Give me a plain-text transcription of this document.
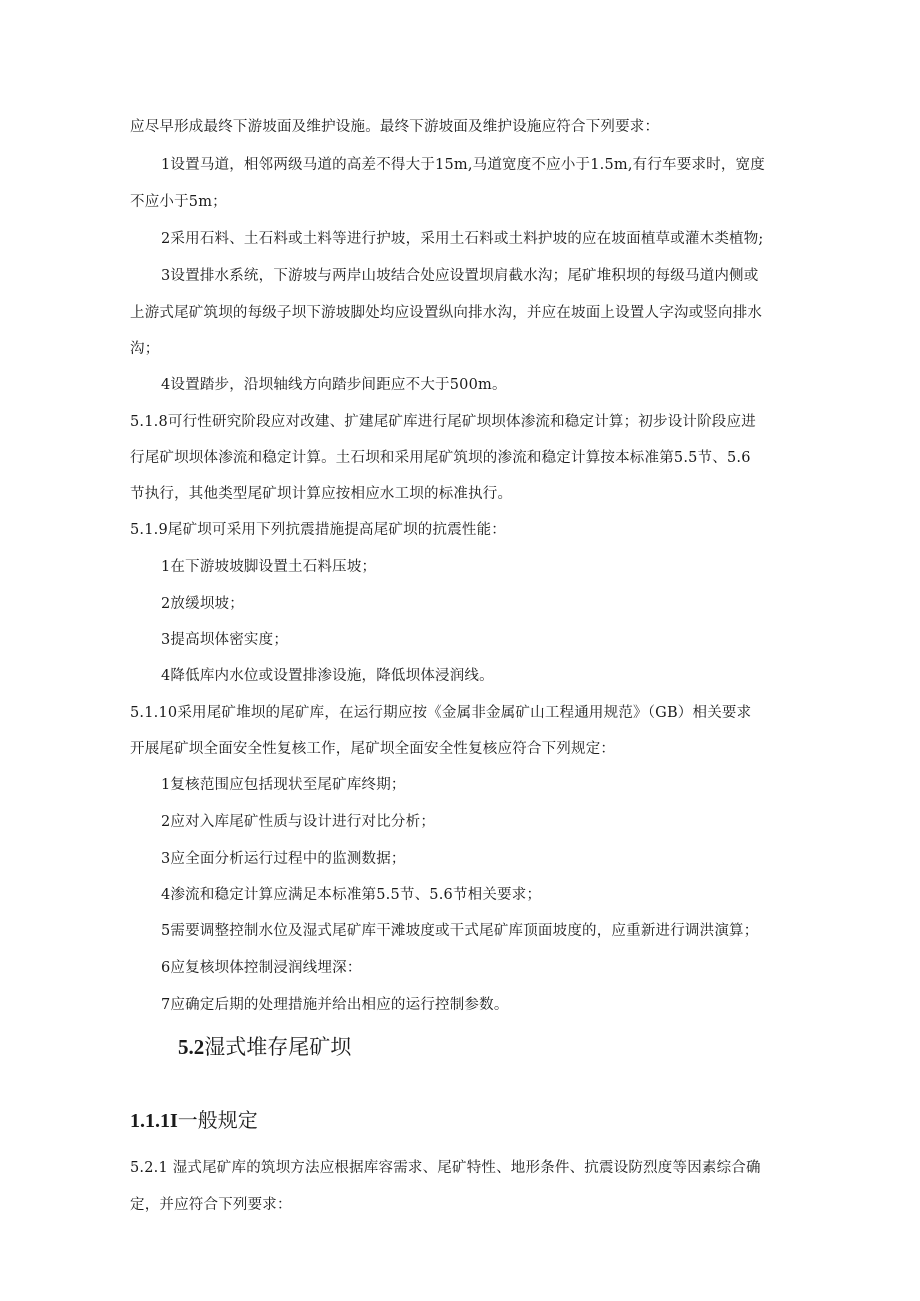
应尽早形成最终下游坡面及维护设施。最终下游坡面及维护设施应符合下列要求：
1设置马道，相邻两级马道的高差不得大于15m,马道宽度不应小于1.5m,有行车要求时，宽度
不应小于5m；
2采用石料、土石料或土料等进行护坡，采用土石料或土料护坡的应在坡面植草或灌木类植物;
3设置排水系统，下游坡与两岸山坡结合处应设置坝肩截水沟；尾矿堆积坝的每级马道内侧或
上游式尾矿筑坝的每级子坝下游坡脚处均应设置纵向排水沟，并应在坡面上设置人字沟或竖向排水
沟；
4设置踏步，沿坝轴线方向踏步间距应不大于500m。
5.1.8可行性研究阶段应对改建、扩建尾矿库进行尾矿坝坝体渗流和稳定计算；初步设计阶段应进
行尾矿坝坝体渗流和稳定计算。土石坝和采用尾矿筑坝的渗流和稳定计算按本标准第5.5节、5.6
节执行，其他类型尾矿坝计算应按相应水工坝的标准执行。
5.1.9尾矿坝可采用下列抗震措施提高尾矿坝的抗震性能：
1在下游坡坡脚设置土石料压坡；
2放缓坝坡；
3提高坝体密实度；
4降低库内水位或设置排渗设施，降低坝体浸润线。
5.1.10采用尾矿堆坝的尾矿库，在运行期应按《金属非金属矿山工程通用规范》（GB）相关要求
开展尾矿坝全面安全性复核工作，尾矿坝全面安全性复核应符合下列规定：
1复核范围应包括现状至尾矿库终期；
2应对入库尾矿性质与设计进行对比分析；
3应全面分析运行过程中的监测数据；
4渗流和稳定计算应满足本标准第5.5节、5.6节相关要求；
5需要调整控制水位及湿式尾矿库干滩坡度或干式尾矿库顶面坡度的，应重新进行调洪演算；
6应复核坝体控制浸润线埋深：
7应确定后期的处理措施并给出相应的运行控制参数。
5.2湿式堆存尾矿坝
1.1.1I一般规定
5.2.1 湿式尾矿库的筑坝方法应根据库容需求、尾矿特性、地形条件、抗震设防烈度等因素综合确
定，并应符合下列要求：
